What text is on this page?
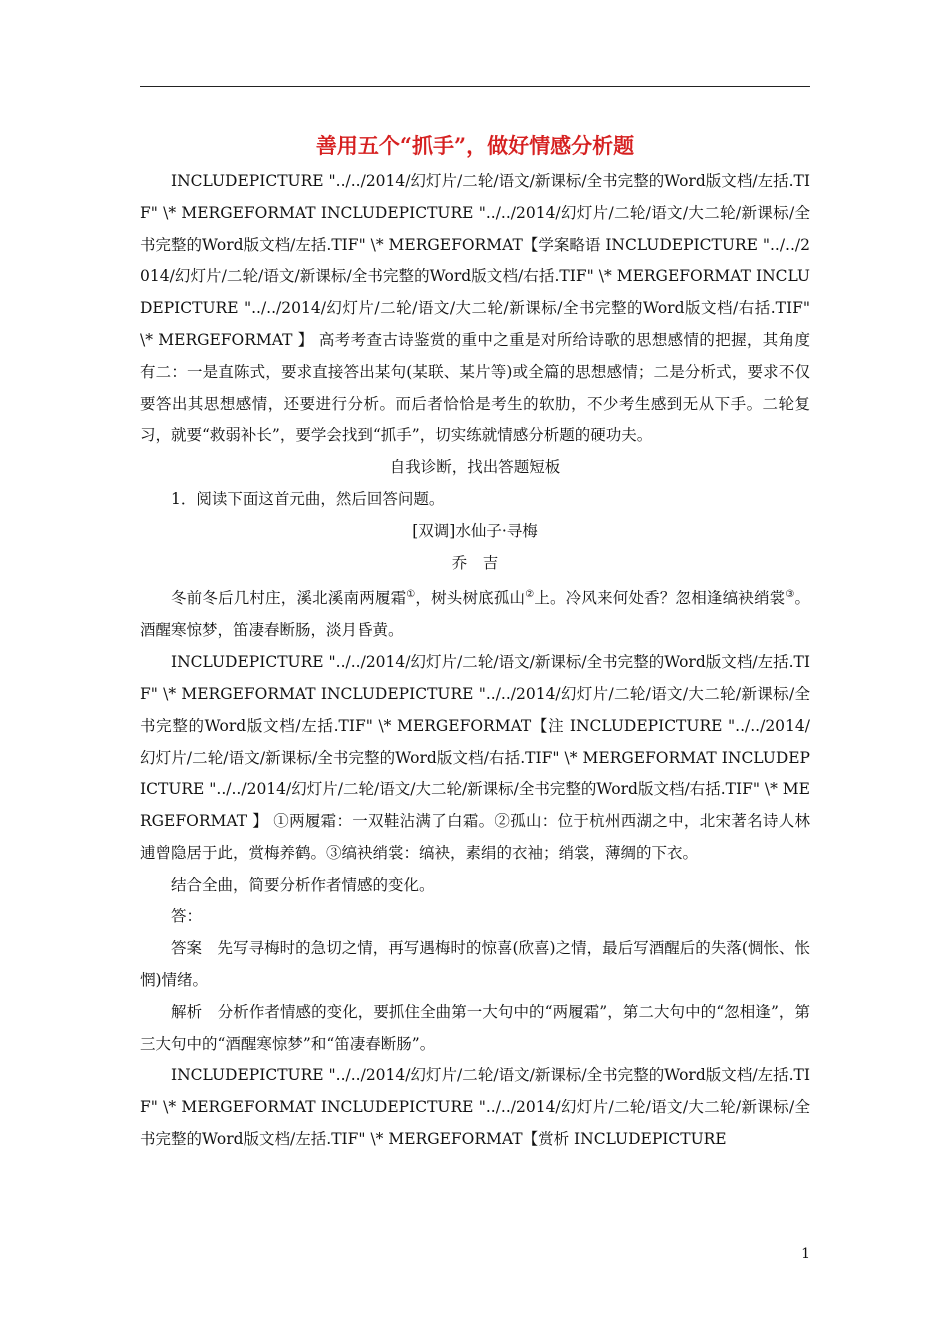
善用五个“抓手”，做好情感分析题

INCLUDEPICTURE "../../2014/幻灯片/二轮/语文/新课标/全书完整的Word版文档/左括.TIF" \* MERGEFORMAT INCLUDEPICTURE "../../2014/幻灯片/二轮/语文/大二轮/新课标/全书完整的Word版文档/左括.TIF" \* MERGEFORMAT【学案略语 INCLUDEPICTURE "../../2014/幻灯片/二轮/语文/新课标/全书完整的Word版文档/右括.TIF" \* MERGEFORMAT INCLUDEPICTURE "../../2014/幻灯片/二轮/语文/大二轮/新课标/全书完整的Word版文档/右括.TIF" \* MERGEFORMAT 】 高考考查古诗鉴赏的重中之重是对所给诗歌的思想感情的把握，其角度有二：一是直陈式，要求直接答出某句(某联、某片等)或全篇的思想感情；二是分析式，要求不仅要答出其思想感情，还要进行分析。而后者恰恰是考生的软肋，不少考生感到无从下手。二轮复习，就要“救弱补长”，要学会找到“抓手”，切实练就情感分析题的硬功夫。

自我诊断，找出答题短板

1．阅读下面这首元曲，然后回答问题。

[双调]水仙子·寻梅

乔　吉

冬前冬后几村庄，溪北溪南两履霜①，树头树底孤山②上。冷风来何处香？忽相逢缟袂绡裳③。酒醒寒惊梦，笛凄春断肠，淡月昏黄。

INCLUDEPICTURE "../../2014/幻灯片/二轮/语文/新课标/全书完整的Word版文档/左括.TIF" \* MERGEFORMAT INCLUDEPICTURE "../../2014/幻灯片/二轮/语文/大二轮/新课标/全书完整的Word版文档/左括.TIF" \* MERGEFORMAT【注 INCLUDEPICTURE "../../2014/幻灯片/二轮/语文/新课标/全书完整的Word版文档/右括.TIF" \* MERGEFORMAT INCLUDEPICTURE "../../2014/幻灯片/二轮/语文/大二轮/新课标/全书完整的Word版文档/右括.TIF" \* MERGEFORMAT 】 ①两履霜：一双鞋沾满了白霜。②孤山：位于杭州西湖之中，北宋著名诗人林逋曾隐居于此，赏梅养鹤。③缟袂绡裳：缟袂，素绢的衣袖；绡裳，薄绸的下衣。

结合全曲，简要分析作者情感的变化。

答：

答案　先写寻梅时的急切之情，再写遇梅时的惊喜(欣喜)之情，最后写酒醒后的失落(惆怅、怅惘)情绪。

解析　分析作者情感的变化，要抓住全曲第一大句中的“两履霜”，第二大句中的“忽相逢”，第三大句中的“酒醒寒惊梦”和“笛凄春断肠”。

INCLUDEPICTURE "../../2014/幻灯片/二轮/语文/新课标/全书完整的Word版文档/左括.TIF" \* MERGEFORMAT INCLUDEPICTURE "../../2014/幻灯片/二轮/语文/大二轮/新课标/全书完整的Word版文档/左括.TIF" \* MERGEFORMAT【赏析 INCLUDEPICTURE

1
